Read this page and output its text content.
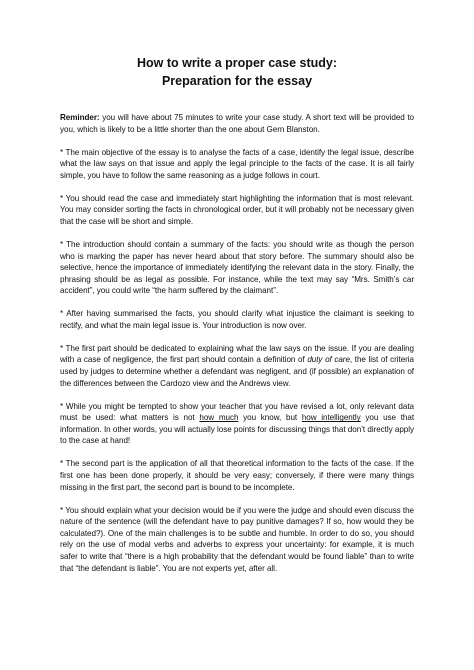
How to write a proper case study:
Preparation for the essay

Reminder: you will have about 75 minutes to write your case study. A short text will be provided to you, which is likely to be a little shorter than the one about Gern Blanston.

* The main objective of the essay is to analyse the facts of a case, identify the legal issue, describe what the law says on that issue and apply the legal principle to the facts of the case. It is all fairly simple, you have to follow the same reasoning as a judge follows in court.

* You should read the case and immediately start highlighting the information that is most relevant. You may consider sorting the facts in chronological order, but it will probably not be necessary given that the case will be short and simple.

* The introduction should contain a summary of the facts: you should write as though the person who is marking the paper has never heard about that story before. The summary should also be selective, hence the importance of immediately identifying the relevant data in the story. Finally, the phrasing should be as legal as possible. For instance, while the text may say “Mrs. Smith’s car accident”, you could write “the harm suffered by the claimant”.

* After having summarised the facts, you should clarify what injustice the claimant is seeking to rectify, and what the main legal issue is. Your introduction is now over.

* The first part should be dedicated to explaining what the law says on the issue. If you are dealing with a case of negligence, the first part should contain a definition of duty of care, the list of criteria used by judges to determine whether a defendant was negligent, and (if possible) an explanation of the differences between the Cardozo view and the Andrews view.

* While you might be tempted to show your teacher that you have revised a lot, only relevant data must be used: what matters is not how much you know, but how intelligently you use that information. In other words, you will actually lose points for discussing things that don’t directly apply to the case at hand!

* The second part is the application of all that theoretical information to the facts of the case. If the first one has been done properly, it should be very easy; conversely, if there were many things missing in the first part, the second part is bound to be incomplete.

* You should explain what your decision would be if you were the judge and should even discuss the nature of the sentence (will the defendant have to pay punitive damages? If so, how would they be calculated?). One of the main challenges is to be subtle and humble. In order to do so, you should rely on the use of modal verbs and adverbs to express your uncertainty: for example, it is much safer to write that “there is a high probability that the defendant would be found liable” than to write that “the defendant is liable”. You are not experts yet, after all.
